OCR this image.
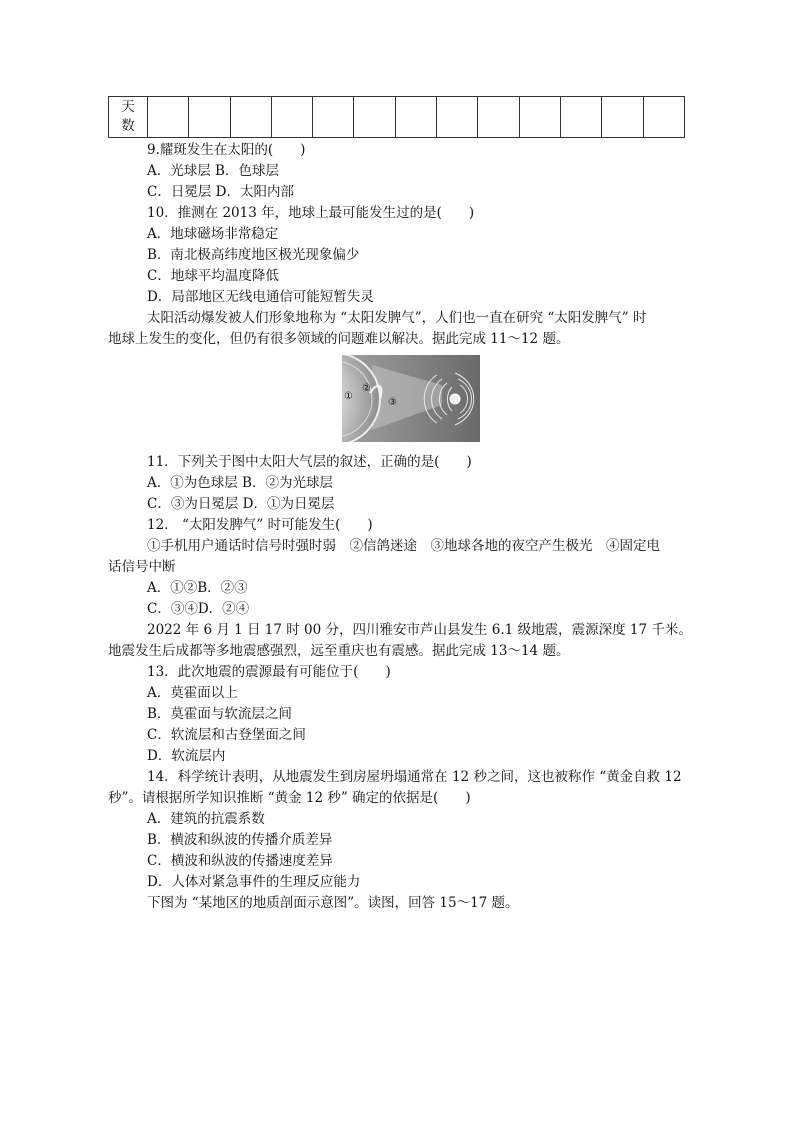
天
数

9.耀斑发生在太阳的(　　)
A．光球层 B．色球层
C．日冕层 D．太阳内部
10．推测在 2013 年，地球上最可能发生过的是(　　)
A．地球磁场非常稳定
B．南北极高纬度地区极光现象偏少
C．地球平均温度降低
D．局部地区无线电通信可能短暂失灵
太阳活动爆发被人们形象地称为 “太阳发脾气”，人们也一直在研究 “太阳发脾气” 时
地球上发生的变化，但仍有很多领域的问题难以解决。据此完成 11～12 题。
①
②
③
11．下列关于图中太阳大气层的叙述，正确的是(　　)
A．①为色球层 B．②为光球层
C．③为日冕层 D．①为日冕层
12． “太阳发脾气” 时可能发生(　　)
①手机用户通话时信号时强时弱　②信鸽迷途　③地球各地的夜空产生极光　④固定电
话信号中断
A．①②B．②③
C．③④D．②④
2022 年 6 月 1 日 17 时 00 分，四川雅安市芦山县发生 6.1 级地震，震源深度 17 千米。
地震发生后成都等多地震感强烈，远至重庆也有震感。据此完成 13～14 题。
13．此次地震的震源最有可能位于(　　)
A．莫霍面以上
B．莫霍面与软流层之间
C．软流层和古登堡面之间
D．软流层内
14．科学统计表明，从地震发生到房屋坍塌通常在 12 秒之间，这也被称作 “黄金自救 12
秒”。请根据所学知识推断 “黄金 12 秒” 确定的依据是(　　)
A．建筑的抗震系数
B．横波和纵波的传播介质差异
C．横波和纵波的传播速度差异
D．人体对紧急事件的生理反应能力
下图为 “某地区的地质剖面示意图”。读图，回答 15～17 题。
